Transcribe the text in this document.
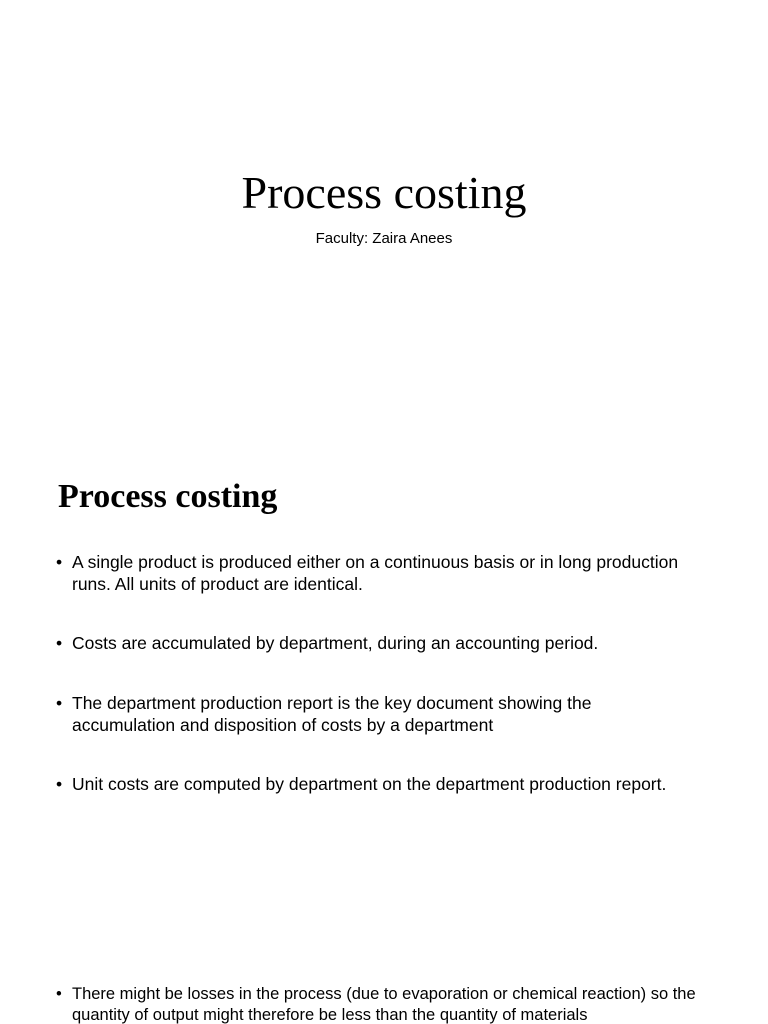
Process costing
Faculty: Zaira Anees
Process costing
• A single product is produced either on a continuous basis or in long production runs. All units of product are identical.
• Costs are accumulated by department, during an accounting period.
• The department production report is the key document showing the accumulation and disposition of costs by a department
• Unit costs are computed by department on the department production report.
• There might be losses in the process (due to evaporation or chemical reaction) so the quantity of output might therefore be less than the quantity of materials
